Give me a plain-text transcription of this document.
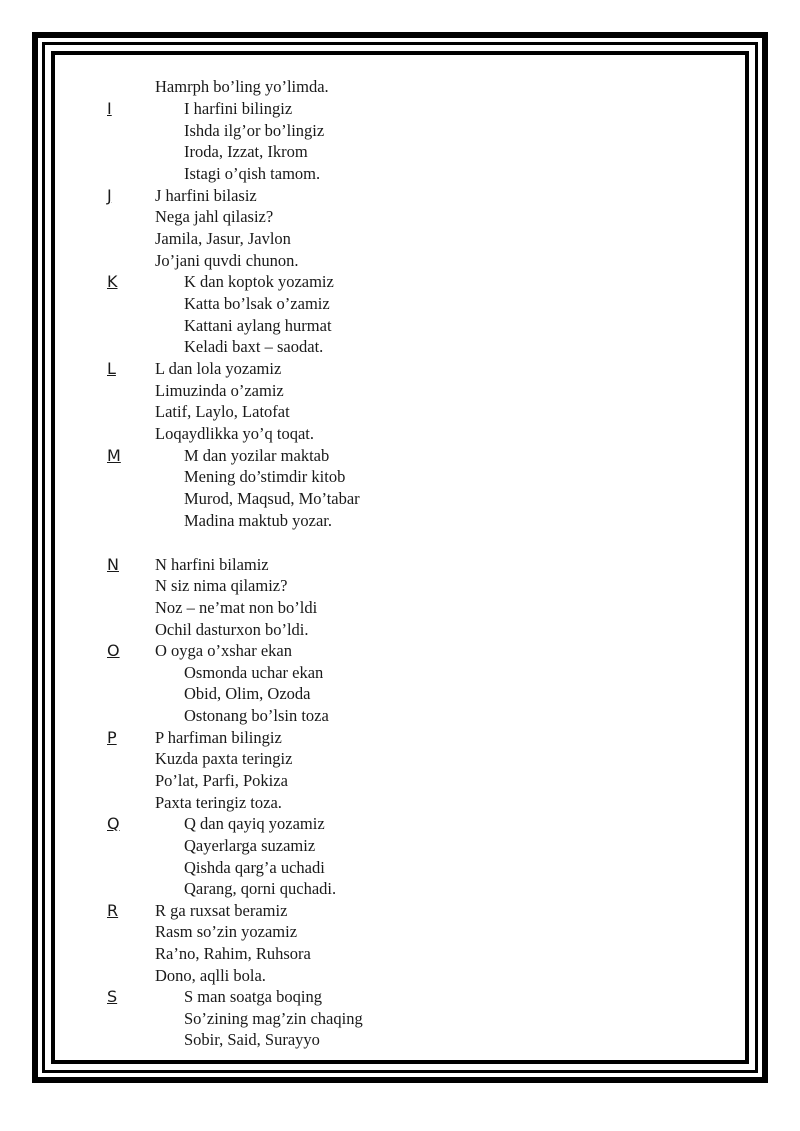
Hamrph bo’ling yo’limda.
I	I harfini bilingiz
Ishda ilg’or bo’lingiz
Iroda, Izzat, Ikrom
Istagi o’qish tamom.
J	J harfini bilasiz
Nega jahl qilasiz?
Jamila, Jasur, Javlon
Jo’jani quvdi chunon.
K	K dan koptok yozamiz
Katta bo’lsak o’zamiz
Kattani aylang hurmat
Keladi baxt – saodat.
L L dan lola yozamiz
Limuzinda o’zamiz
Latif, Laylo, Latofat
Loqaydlikka yo’q toqat.
M	M dan yozilar maktab
Mening do’stimdir kitob
Murod, Maqsud, Mo’tabar
Madina maktub yozar.
N N harfini bilamiz
N siz nima qilamiz?
Noz – ne’mat non bo’ldi
Ochil dasturxon bo’ldi.
O O oyga o’xshar ekan
Osmonda uchar ekan
Obid, Olim, Ozoda
Ostonang bo’lsin toza
P P harfiman bilingiz
Kuzda paxta teringiz
Po’lat, Parfi, Pokiza
Paxta teringiz toza.
Q	Q dan qayiq yozamiz
Qayerlarga suzamiz
Qishda qarg’a uchadi
Qarang, qorni quchadi.
R R ga ruxsat beramiz
Rasm so’zin yozamiz
Ra’no, Rahim, Ruhsora
Dono, aqlli bola.
S	S man soatga boqing
So’zining mag’zin chaqing
Sobir, Said, Surayyo
